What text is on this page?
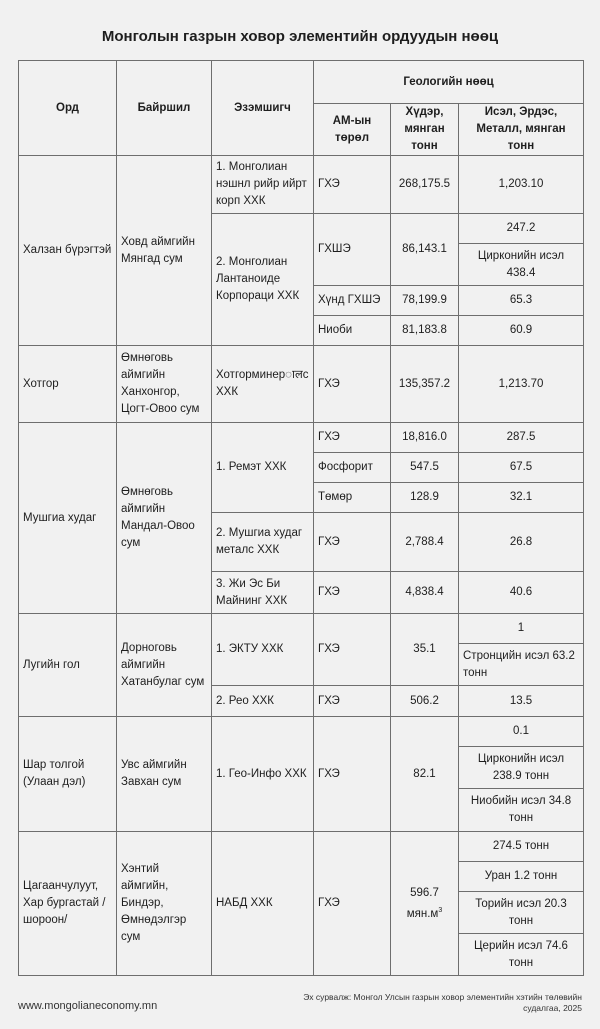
Монголын газрын ховор элементийн ордуудын нөөц
Орд	Байршил	Эзэмшигч	Геологийн нөөц		
			АМ-ын төрөл	Хүдэр, мянган тонн	Исэл, Эрдэс, Металл, мянган тонн
Халзан бүрэгтэй	Ховд аймгийн Мянгад сум	1. Монголиан нэшнл рийр ийрт корп ХХК	ГХЭ	268,175.5	1,203.10
		2. Монголиан Лантаноиде Корпораци ХХК	ГХШЭ	86,143.1	247.2
					Цирконийн исэл 438.4
			Хүнд ГХШЭ	78,199.9	65.3
			Ниоби	81,183.8	60.9
Хотгор	Өмнөговь аймгийн Ханхонгор, Цогт-Овоо сум	Хотгорминерालс ХХК	ГХЭ	135,357.2	1,213.70
Мушгиа худаг	Өмнөговь аймгийн Мандал-Овоо сум	1. Ремэт ХХК	ГХЭ	18,816.0	287.5
			Фосфорит	547.5	67.5
			Төмөр	128.9	32.1
		2. Мушгиа худаг металс ХХК	ГХЭ	2,788.4	26.8
		3. Жи Эс Би Майнинг ХХК	ГХЭ	4,838.4	40.6
Лугийн гол	Дорноговь аймгийн Хатанбулаг сум	1. ЭКТУ ХХК	ГХЭ	35.1	1
					Стронцийн исэл 63.2 тонн
		2. Рео ХХК	ГХЭ	506.2	13.5
Шар толгой (Улаан дэл)	Увс аймгийн Завхан сум	1. Гео-Инфо ХХК	ГХЭ	82.1	0.1
					Цирконийн исэл 238.9 тонн
					Ниобийн исэл 34.8 тонн
Цагаанчулуут, Хар бургастай /шороон/	Хэнтий аймгийн, Биндэр, Өмнөдэлгэр сум	НАБД ХХК	ГХЭ	596.7 $мян.м^3$	274.5 тонн
					Уран 1.2 тонн
					Торийн исэл 20.3 тонн
					Церийн исэл 74.6 тонн
www.mongolianeconomy.mn
Эх сурвалж: Монгол Улсын газрын ховор элементийн хэтийн төлөвийн судалгаа, 2025
